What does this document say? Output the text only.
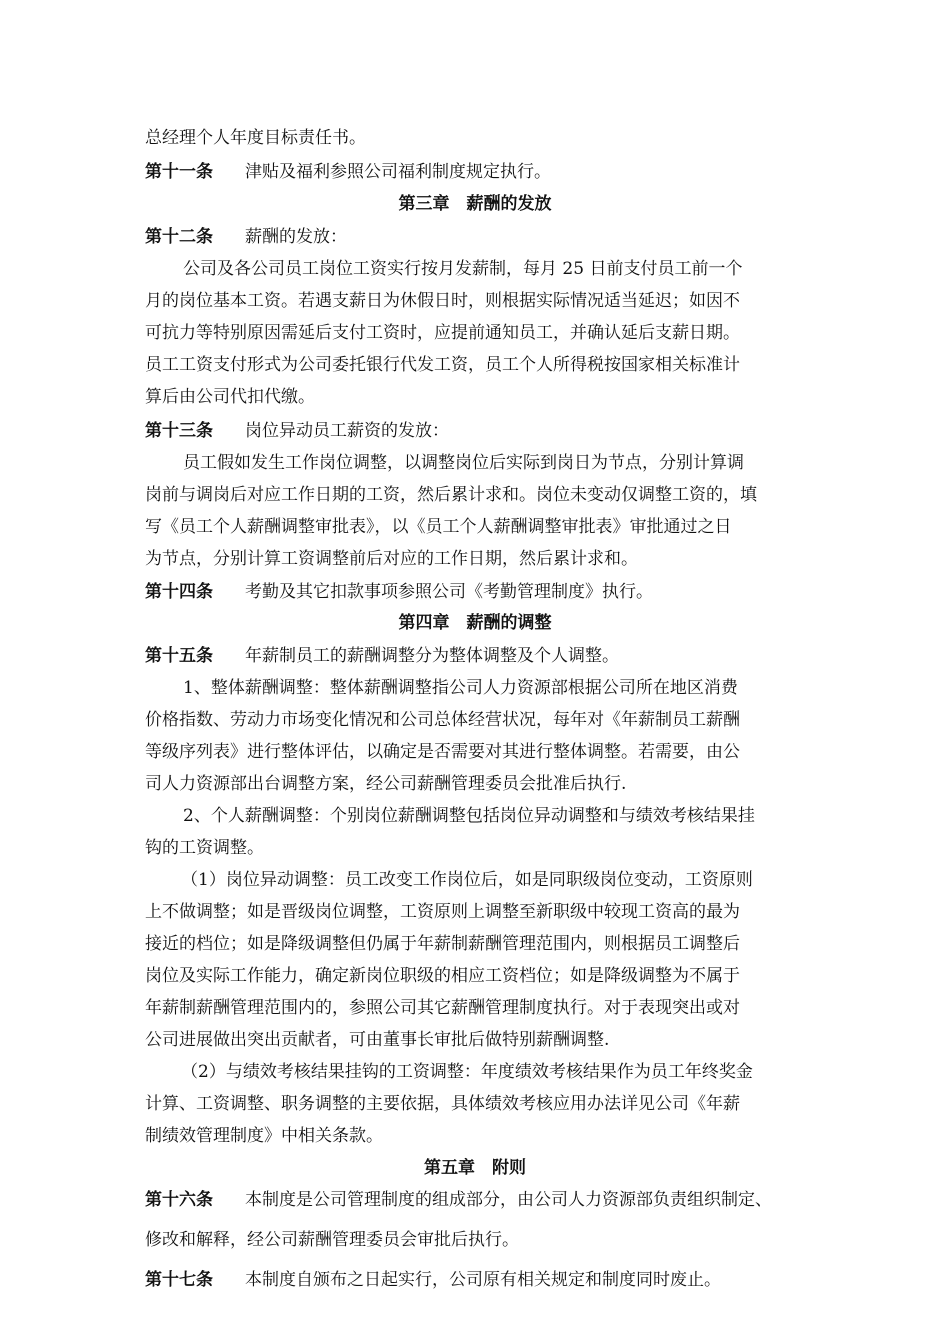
总经理个人年度目标责任书。
第十一条 津贴及福利参照公司福利制度规定执行。
第三章　薪酬的发放
第十二条 薪酬的发放：
公司及各公司员工岗位工资实行按月发薪制，每月 25 日前支付员工前一个
月的岗位基本工资。若遇支薪日为休假日时，则根据实际情况适当延迟；如因不
可抗力等特别原因需延后支付工资时，应提前通知员工，并确认延后支薪日期。
员工工资支付形式为公司委托银行代发工资，员工个人所得税按国家相关标准计
算后由公司代扣代缴。
第十三条 岗位异动员工薪资的发放：
员工假如发生工作岗位调整，以调整岗位后实际到岗日为节点，分别计算调
岗前与调岗后对应工作日期的工资，然后累计求和。岗位未变动仅调整工资的，填
写《员工个人薪酬调整审批表》，以《员工个人薪酬调整审批表》审批通过之日
为节点，分别计算工资调整前后对应的工作日期，然后累计求和。
第十四条 考勤及其它扣款事项参照公司《考勤管理制度》执行。
第四章　薪酬的调整
第十五条 年薪制员工的薪酬调整分为整体调整及个人调整。
1、整体薪酬调整：整体薪酬调整指公司人力资源部根据公司所在地区消费
价格指数、劳动力市场变化情况和公司总体经营状况，每年对《年薪制员工薪酬
等级序列表》进行整体评估，以确定是否需要对其进行整体调整。若需要，由公
司人力资源部出台调整方案，经公司薪酬管理委员会批准后执行.
2、个人薪酬调整：个别岗位薪酬调整包括岗位异动调整和与绩效考核结果挂
钩的工资调整。
（1）岗位异动调整：员工改变工作岗位后，如是同职级岗位变动，工资原则
上不做调整；如是晋级岗位调整，工资原则上调整至新职级中较现工资高的最为
接近的档位；如是降级调整但仍属于年薪制薪酬管理范围内，则根据员工调整后
岗位及实际工作能力，确定新岗位职级的相应工资档位；如是降级调整为不属于
年薪制薪酬管理范围内的，参照公司其它薪酬管理制度执行。对于表现突出或对
公司进展做出突出贡献者，可由董事长审批后做特别薪酬调整.
（2）与绩效考核结果挂钩的工资调整：年度绩效考核结果作为员工年终奖金
计算、工资调整、职务调整的主要依据，具体绩效考核应用办法详见公司《年薪
制绩效管理制度》中相关条款。
第五章　附则
第十六条 本制度是公司管理制度的组成部分，由公司人力资源部负责组织制定、
修改和解释，经公司薪酬管理委员会审批后执行。
第十七条 本制度自颁布之日起实行，公司原有相关规定和制度同时废止。
